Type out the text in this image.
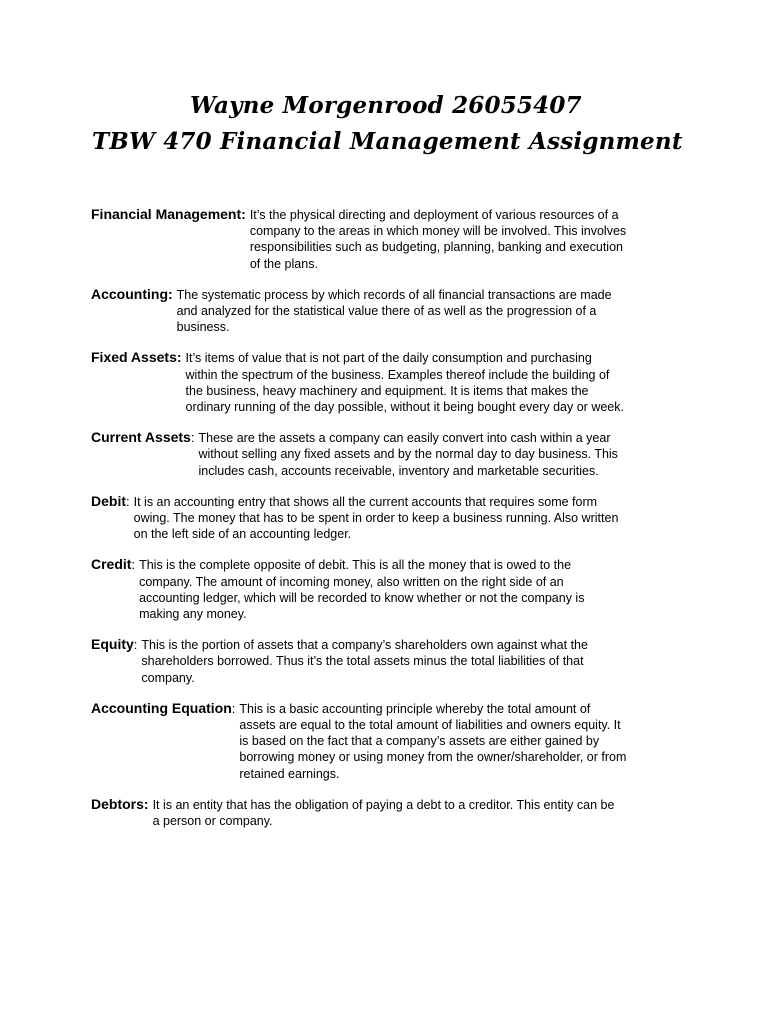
Wayne Morgenrood 26055407
TBW 470 Financial Management Assignment
Financial Management: It’s the physical directing and deployment of various resources of a
company to the areas in which money will be involved. This involves
responsibilities such as budgeting, planning, banking and execution
of the plans.
Accounting: The systematic process by which records of all financial transactions are made
and analyzed for the statistical value there of as well as the progression of a
business.
Fixed Assets: It’s items of value that is not part of the daily consumption and purchasing
within the spectrum of the business. Examples thereof include the building of
the business, heavy machinery and equipment. It is items that makes the
ordinary running of the day possible, without it being bought every day or week.
Current Assets: These are the assets a company can easily convert into cash within a year
without selling any fixed assets and by the normal day to day business. This
includes cash, accounts receivable, inventory and marketable securities.
Debit: It is an accounting entry that shows all the current accounts that requires some form
owing. The money that has to be spent in order to keep a business running. Also written
on the left side of an accounting ledger.
Credit: This is the complete opposite of debit. This is all the money that is owed to the
company. The amount of incoming money, also written on the right side of an
accounting ledger, which will be recorded to know whether or not the company is
making any money.
Equity: This is the portion of assets that a company’s shareholders own against what the
shareholders borrowed. Thus it’s the total assets minus the total liabilities of that
company.
Accounting Equation: This is a basic accounting principle whereby the total amount of
assets are equal to the total amount of liabilities and owners equity. It
is based on the fact that a company’s assets are either gained by
borrowing money or using money from the owner/shareholder, or from
retained earnings.
Debtors: It is an entity that has the obligation of paying a debt to a creditor. This entity can be
a person or company.
